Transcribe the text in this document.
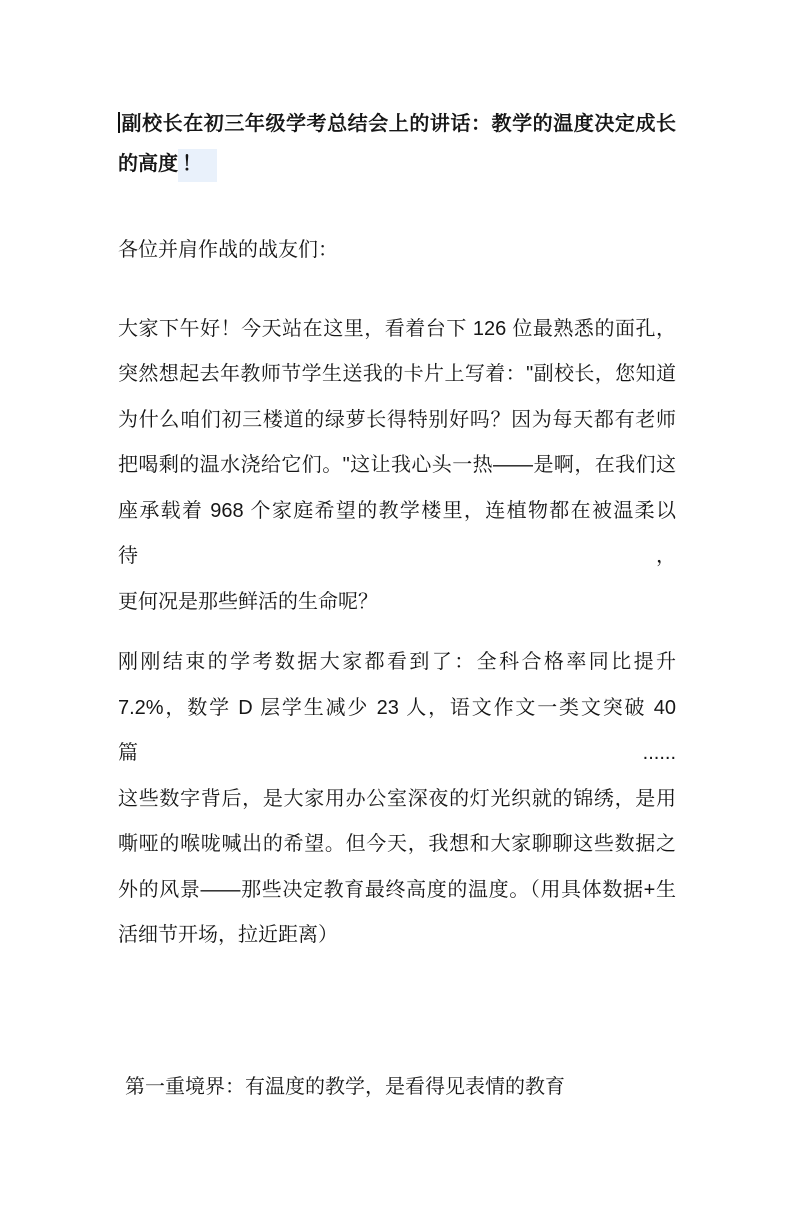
副校长在初三年级学考总结会上的讲话：教学的温度决定成长
的高度 ！

各位并肩作战的战友们：

大家下午好！今天站在这里，看着台下 126 位最熟悉的面孔，
突然想起去年教师节学生送我的卡片上写着："副校长，您知道
为什么咱们初三楼道的绿萝长得特别好吗？因为每天都有老师
把喝剩的温水浇给它们。"这让我心头一热——是啊，在我们这
座承载着 968 个家庭希望的教学楼里，连植物都在被温柔以待，
更何况是那些鲜活的生命呢？
刚刚结束的学考数据大家都看到了：全科合格率同比提升
7.2%，数学 D 层学生减少 23 人，语文作文一类文突破 40 篇......
这些数字背后，是大家用办公室深夜的灯光织就的锦绣，是用
嘶哑的喉咙喊出的希望。但今天，我想和大家聊聊这些数据之
外的风景——那些决定教育最终高度的温度。（用具体数据+生
活细节开场，拉近距离）

第一重境界：有温度的教学，是看得见表情的教育
